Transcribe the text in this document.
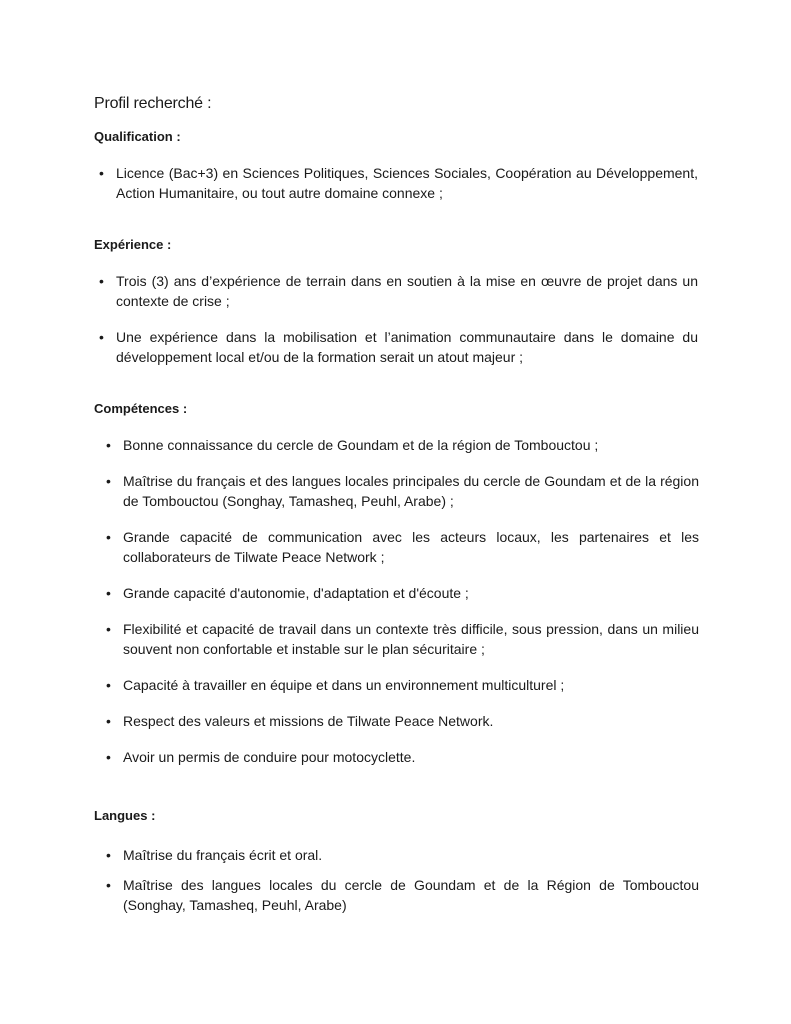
Profil recherché :
Qualification :
• Licence (Bac+3) en Sciences Politiques, Sciences Sociales, Coopération au Développement, Action Humanitaire, ou tout autre domaine connexe ;
Expérience :
• Trois (3) ans d’expérience de terrain dans en soutien à la mise en œuvre de projet dans un contexte de crise ;
• Une expérience dans la mobilisation et l’animation communautaire dans le domaine du développement local et/ou de la formation serait un atout majeur ;
Compétences :
• Bonne connaissance du cercle de Goundam et de la région de Tombouctou ;
• Maîtrise du français et des langues locales principales du cercle de Goundam et de la région de Tombouctou (Songhay, Tamasheq, Peuhl, Arabe) ;
• Grande capacité de communication avec les acteurs locaux, les partenaires et les collaborateurs de Tilwate Peace Network ;
• Grande capacité d'autonomie, d'adaptation et d'écoute ;
• Flexibilité et capacité de travail dans un contexte très difficile, sous pression, dans un milieu souvent non confortable et instable sur le plan sécuritaire ;
• Capacité à travailler en équipe et dans un environnement multiculturel ;
• Respect des valeurs et missions de Tilwate Peace Network.
• Avoir un permis de conduire pour motocyclette.
Langues :
• Maîtrise du français écrit et oral.
• Maîtrise des langues locales du cercle de Goundam et de la Région de Tombouctou (Songhay, Tamasheq, Peuhl, Arabe)
